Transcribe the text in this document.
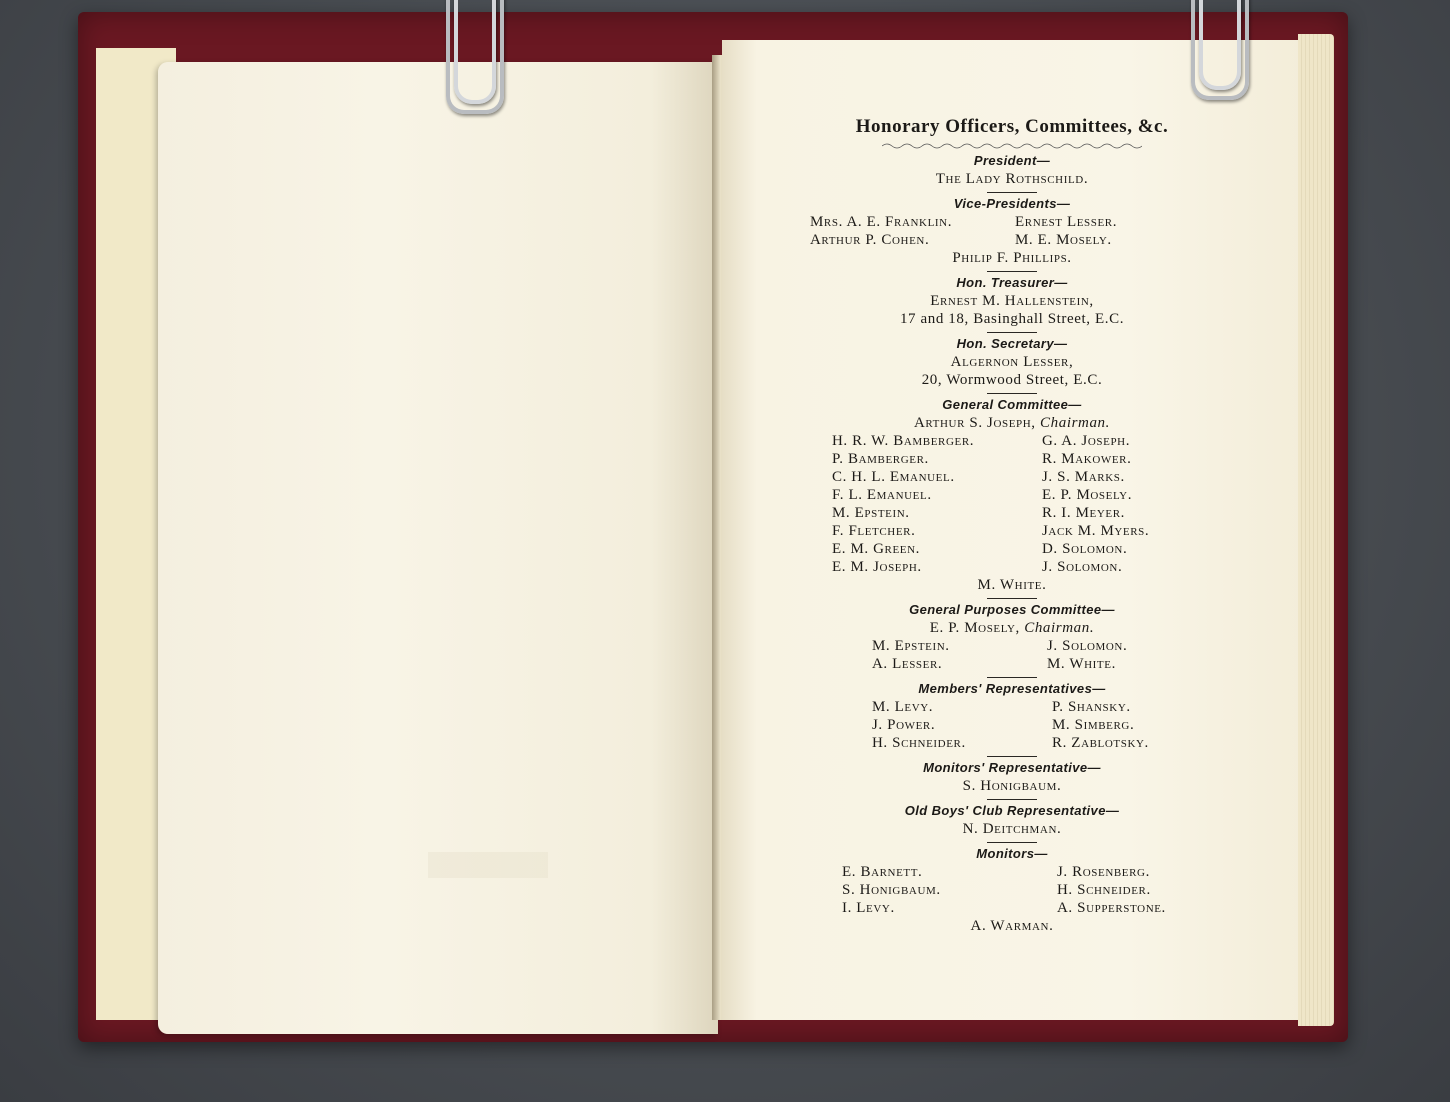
Honorary Officers, Committees, &c.
President—
The Lady Rothschild.
Vice-Presidents—
Mrs. A. E. Franklin.	Ernest Lesser.
Arthur P. Cohen.	M. E. Mosely.
Philip F. Phillips.
Hon. Treasurer—
Ernest M. Hallenstein,
17 and 18, Basinghall Street, E.C.
Hon. Secretary—
Algernon Lesser,
20, Wormwood Street, E.C.
General Committee—
Arthur S. Joseph, Chairman.
H. R. W. Bamberger.	G. A. Joseph.
P. Bamberger.	R. Makower.
C. H. L. Emanuel.	J. S. Marks.
F. L. Emanuel.	E. P. Mosely.
M. Epstein.	R. I. Meyer.
F. Fletcher.	Jack M. Myers.
E. M. Green.	D. Solomon.
E. M. Joseph.	J. Solomon.
M. White.
General Purposes Committee—
E. P. Mosely, Chairman.
M. Epstein.	J. Solomon.
A. Lesser.	M. White.
Members' Representatives—
M. Levy.	P. Shansky.
J. Power.	M. Simberg.
H. Schneider.	R. Zablotsky.
Monitors' Representative—
S. Honigbaum.
Old Boys' Club Representative—
N. Deitchman.
Monitors—
E. Barnett.	J. Rosenberg.
S. Honigbaum.	H. Schneider.
I. Levy.	A. Supperstone.
A. Warman.
